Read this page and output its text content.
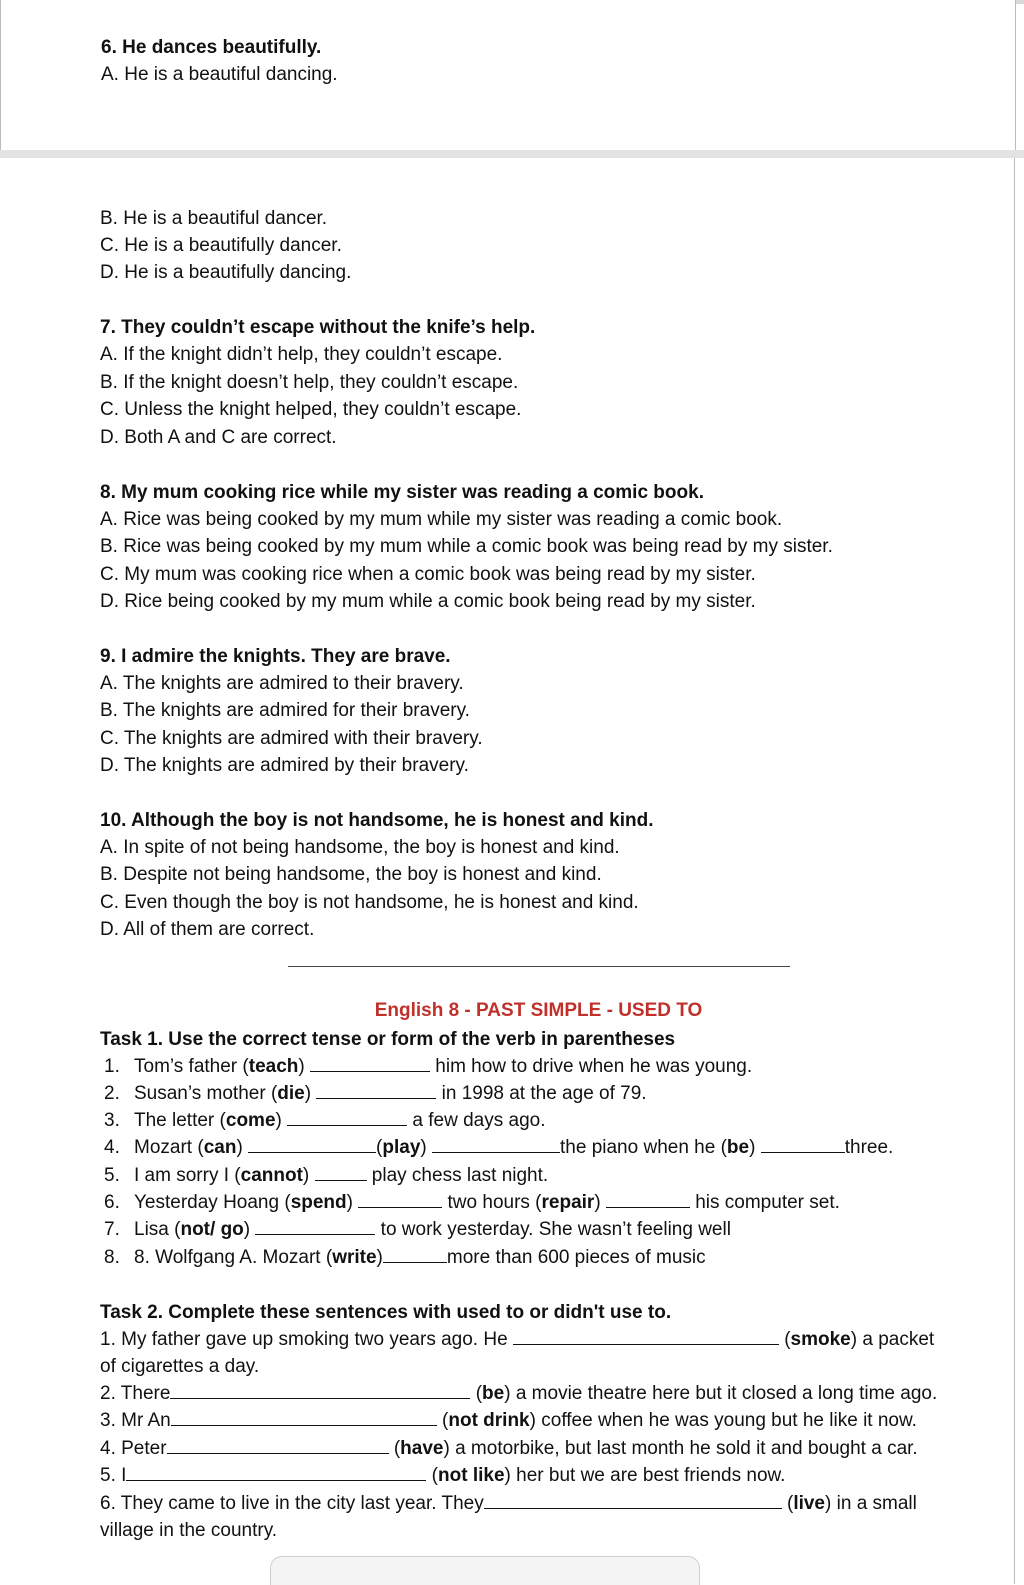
6. He dances beautifully.
A. He is a beautiful dancing.
B. He is a beautiful dancer.
C. He is a beautifully dancer.
D. He is a beautifully dancing.
7. They couldn’t escape without the knife’s help.
A. If the knight didn’t help, they couldn’t escape.
B. If the knight doesn’t help, they couldn’t escape.
C. Unless the knight helped, they couldn’t escape.
D. Both A and C are correct.
8. My mum cooking rice while my sister was reading a comic book.
A. Rice was being cooked by my mum while my sister was reading a comic book.
B. Rice was being cooked by my mum while a comic book was being read by my sister.
C. My mum was cooking rice when a comic book was being read by my sister.
D. Rice being cooked by my mum while a comic book being read by my sister.
9. I admire the knights. They are brave.
A. The knights are admired to their bravery.
B. The knights are admired for their bravery.
C. The knights are admired with their bravery.
D. The knights are admired by their bravery.
10. Although the boy is not handsome, he is honest and kind.
A. In spite of not being handsome, the boy is honest and kind.
B. Despite not being handsome, the boy is honest and kind.
C. Even though the boy is not handsome, he is honest and kind.
D. All of them are correct.
English 8 - PAST SIMPLE - USED TO
Task 1. Use the correct tense or form of the verb in parentheses
1. Tom’s father (teach)	him how to drive when he was young.
2. Susan’s mother (die)	in 1998 at the age of 79.
3. The letter (come)	a few days ago.
4. Mozart (can)	(play)	the piano when he (be)	three.
5. I am sorry I (cannot)	play chess last night.
6. Yesterday Hoang (spend)	two hours (repair)	his computer set.
7. Lisa (not/ go)	to work yesterday. She wasn’t feeling well
8. 8. Wolfgang A. Mozart (write)	more than 600 pieces of music
Task 2. Complete these sentences with used to or didn't use to.
1. My father gave up smoking two years ago. He	(smoke) a packet
of cigarettes a day.
2. There	(be) a movie theatre here but it closed a long time ago.
3. Mr An	(not drink) coffee when he was young but he like it now.
4. Peter	(have) a motorbike, but last month he sold it and bought a car.
5. I	(not like) her but we are best friends now.
6. They came to live in the city last year. They	(live) in a small
village in the country.
